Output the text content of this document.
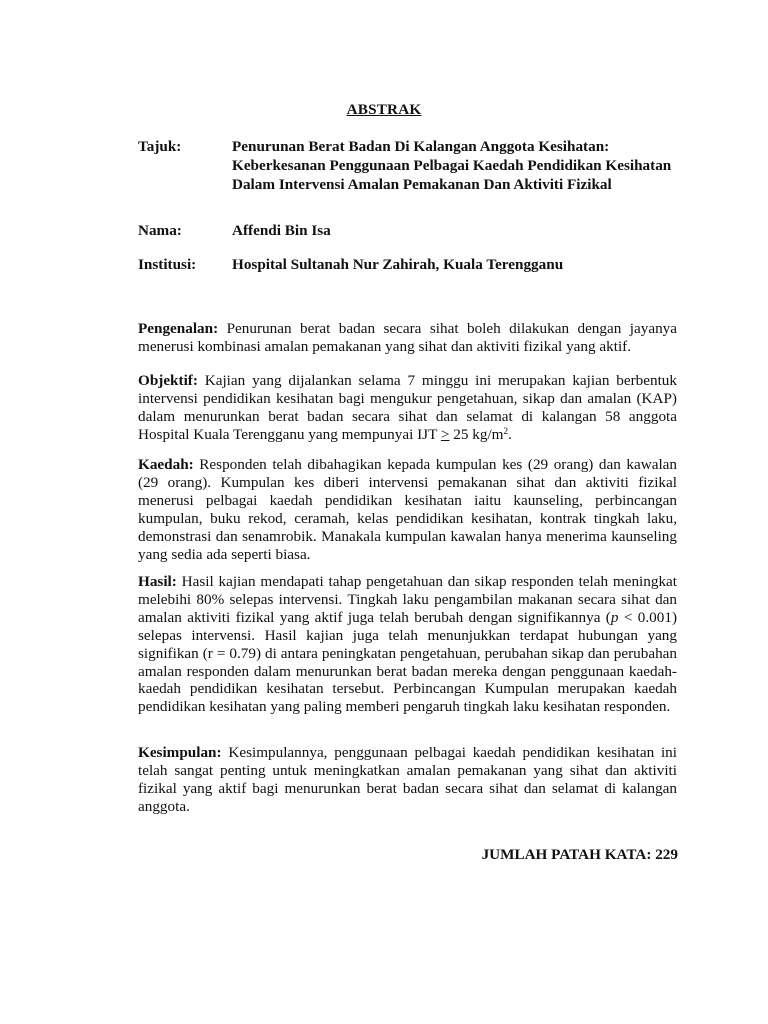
ABSTRAK
Tajuk:	Penurunan Berat Badan Di Kalangan Anggota Kesihatan: Keberkesanan Penggunaan Pelbagai Kaedah Pendidikan Kesihatan Dalam Intervensi Amalan Pemakanan Dan Aktiviti Fizikal
Nama:	Affendi Bin Isa
Institusi:	Hospital Sultanah Nur Zahirah, Kuala Terengganu

Pengenalan: Penurunan berat badan secara sihat boleh dilakukan dengan jayanya menerusi kombinasi amalan pemakanan yang sihat dan aktiviti fizikal yang aktif.

Objektif: Kajian yang dijalankan selama 7 minggu ini merupakan kajian berbentuk intervensi pendidikan kesihatan bagi mengukur pengetahuan, sikap dan amalan (KAP) dalam menurunkan berat badan secara sihat dan selamat di kalangan 58 anggota Hospital Kuala Terengganu yang mempunyai IJT ≥ 25 $kg/m^2$.

Kaedah: Responden telah dibahagikan kepada kumpulan kes (29 orang) dan kawalan (29 orang). Kumpulan kes diberi intervensi pemakanan sihat dan aktiviti fizikal menerusi pelbagai kaedah pendidikan kesihatan iaitu kaunseling, perbincangan kumpulan, buku rekod, ceramah, kelas pendidikan kesihatan, kontrak tingkah laku, demonstrasi dan senamrobik. Manakala kumpulan kawalan hanya menerima kaunseling yang sedia ada seperti biasa.

Hasil: Hasil kajian mendapati tahap pengetahuan dan sikap responden telah meningkat melebihi 80% selepas intervensi. Tingkah laku pengambilan makanan secara sihat dan amalan aktiviti fizikal yang aktif juga telah berubah dengan signifikannya (p < 0.001) selepas intervensi. Hasil kajian juga telah menunjukkan terdapat hubungan yang signifikan (r = 0.79) di antara peningkatan pengetahuan, perubahan sikap dan perubahan amalan responden dalam menurunkan berat badan mereka dengan penggunaan kaedah-kaedah pendidikan kesihatan tersebut. Perbincangan Kumpulan merupakan kaedah pendidikan kesihatan yang paling memberi pengaruh tingkah laku kesihatan responden.

Kesimpulan: Kesimpulannya, penggunaan pelbagai kaedah pendidikan kesihatan ini telah sangat penting untuk meningkatkan amalan pemakanan yang sihat dan aktiviti fizikal yang aktif bagi menurunkan berat badan secara sihat dan selamat di kalangan anggota.

JUMLAH PATAH KATA: 229
